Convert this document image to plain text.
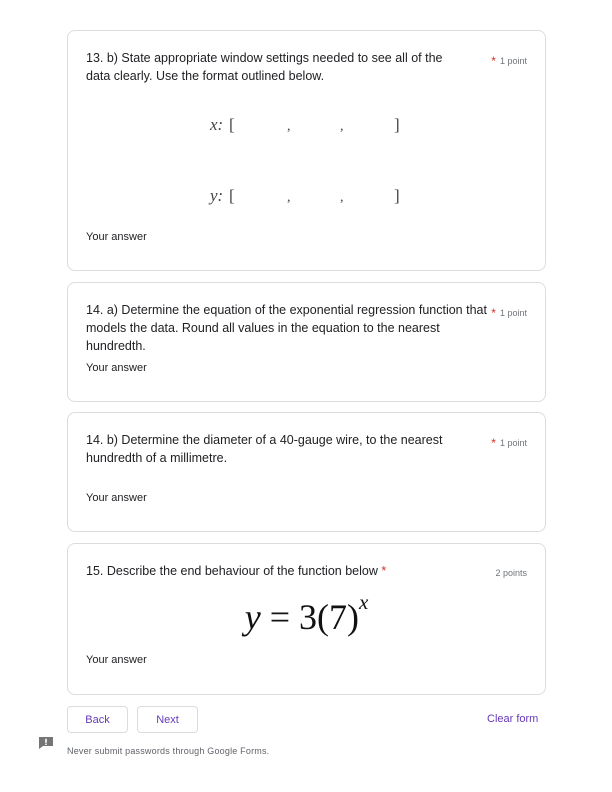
13. b) State appropriate window settings needed to see all of the data clearly. Use the format outlined below.
* 1 point
x: [	,	,	]
y: [	,	,	]
Your answer
14. a) Determine the equation of the exponential regression function that models the data. Round all values in the equation to the nearest hundredth.
* 1 point
Your answer
14. b) Determine the diameter of a 40-gauge wire, to the nearest hundredth of a millimetre.
* 1 point
Your answer
15. Describe the end behaviour of the function below *	2 points
$y = 3(7)^x$
Your answer
Back	Next	Clear form
Never submit passwords through Google Forms.
